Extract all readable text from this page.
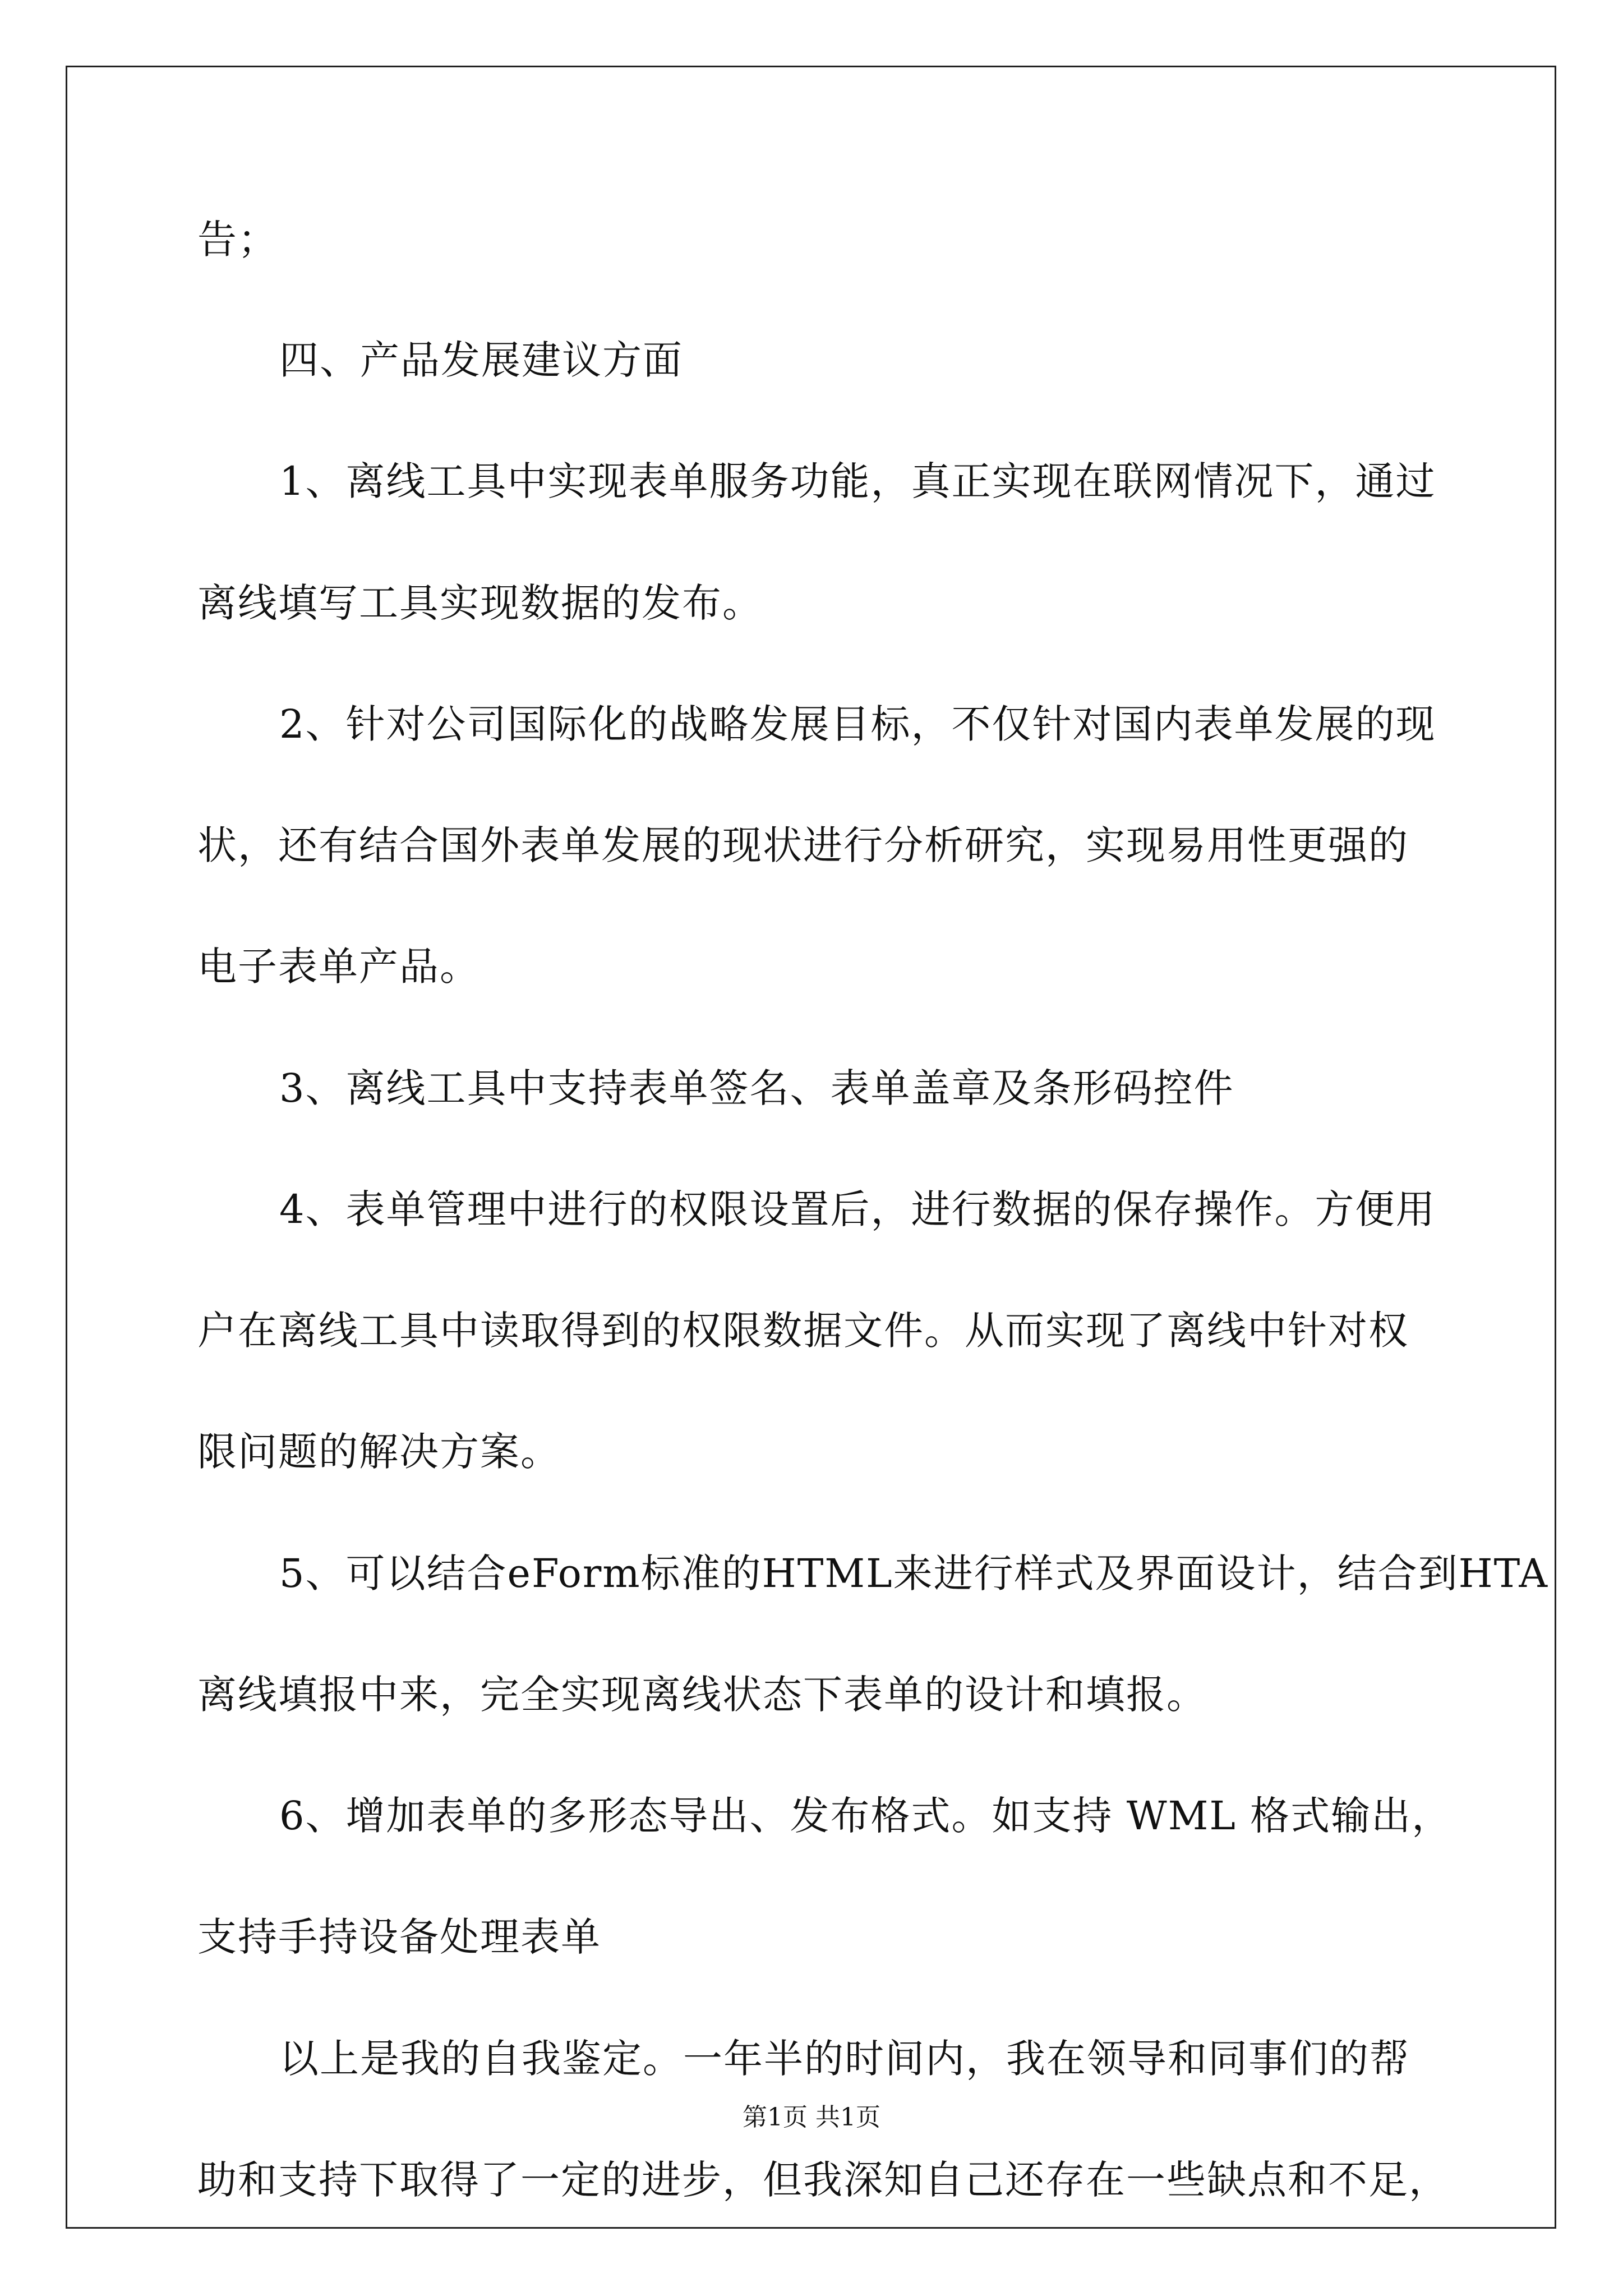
告；
四、产品发展建议方面
1、离线工具中实现表单服务功能，真正实现在联网情况下，通过
离线填写工具实现数据的发布。
2、针对公司国际化的战略发展目标，不仅针对国内表单发展的现
状，还有结合国外表单发展的现状进行分析研究，实现易用性更强的
电子表单产品。
3、离线工具中支持表单签名、表单盖章及条形码控件
4、表单管理中进行的权限设置后，进行数据的保存操作。方便用
户在离线工具中读取得到的权限数据文件。从而实现了离线中针对权
限问题的解决方案。
5、可以结合eForm标准的HTML来进行样式及界面设计，结合到HTA
离线填报中来，完全实现离线状态下表单的设计和填报。
6、增加表单的多形态导出、发布格式。如支持 WML 格式输出，
支持手持设备处理表单
以上是我的自我鉴定。一年半的时间内，我在领导和同事们的帮
助和支持下取得了一定的进步，但我深知自己还存在一些缺点和不足，
第1页 共1页
